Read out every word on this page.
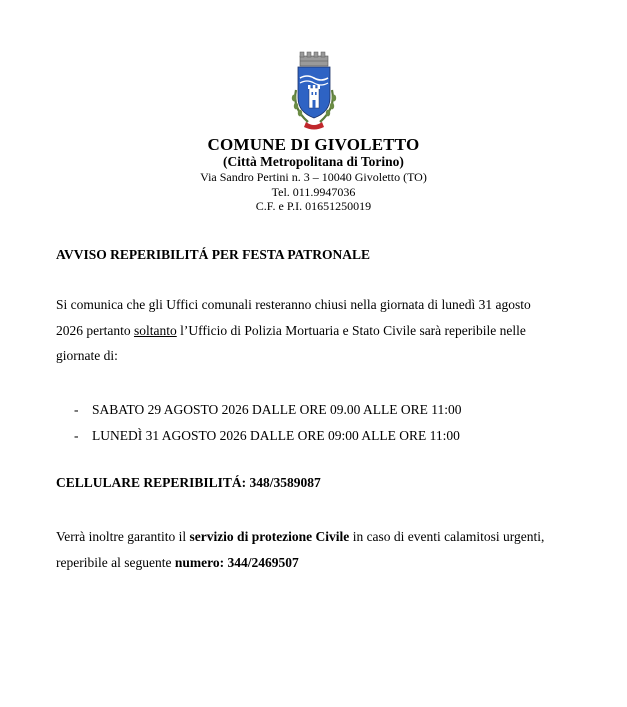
COMUNE DI GIVOLETTO
(Città Metropolitana di Torino)
Via Sandro Pertini n. 3 – 10040 Givoletto (TO)
Tel. 011.9947036
C.F. e P.I. 01651250019
AVVISO REPERIBILITÁ PER FESTA PATRONALE
Si comunica che gli Uffici comunali resteranno chiusi nella giornata di lunedì 31 agosto 2026 pertanto soltanto l’Ufficio di Polizia Mortuaria e Stato Civile sarà reperibile nelle giornate di:
-	SABATO 29 AGOSTO 2026 DALLE ORE 09.00 ALLE ORE 11:00
-	LUNEDÌ 31 AGOSTO 2026 DALLE ORE 09:00 ALLE ORE 11:00
CELLULARE REPERIBILITÁ: 348/3589087
Verrà inoltre garantito il servizio di protezione Civile in caso di eventi calamitosi urgenti, reperibile al seguente numero: 344/2469507
